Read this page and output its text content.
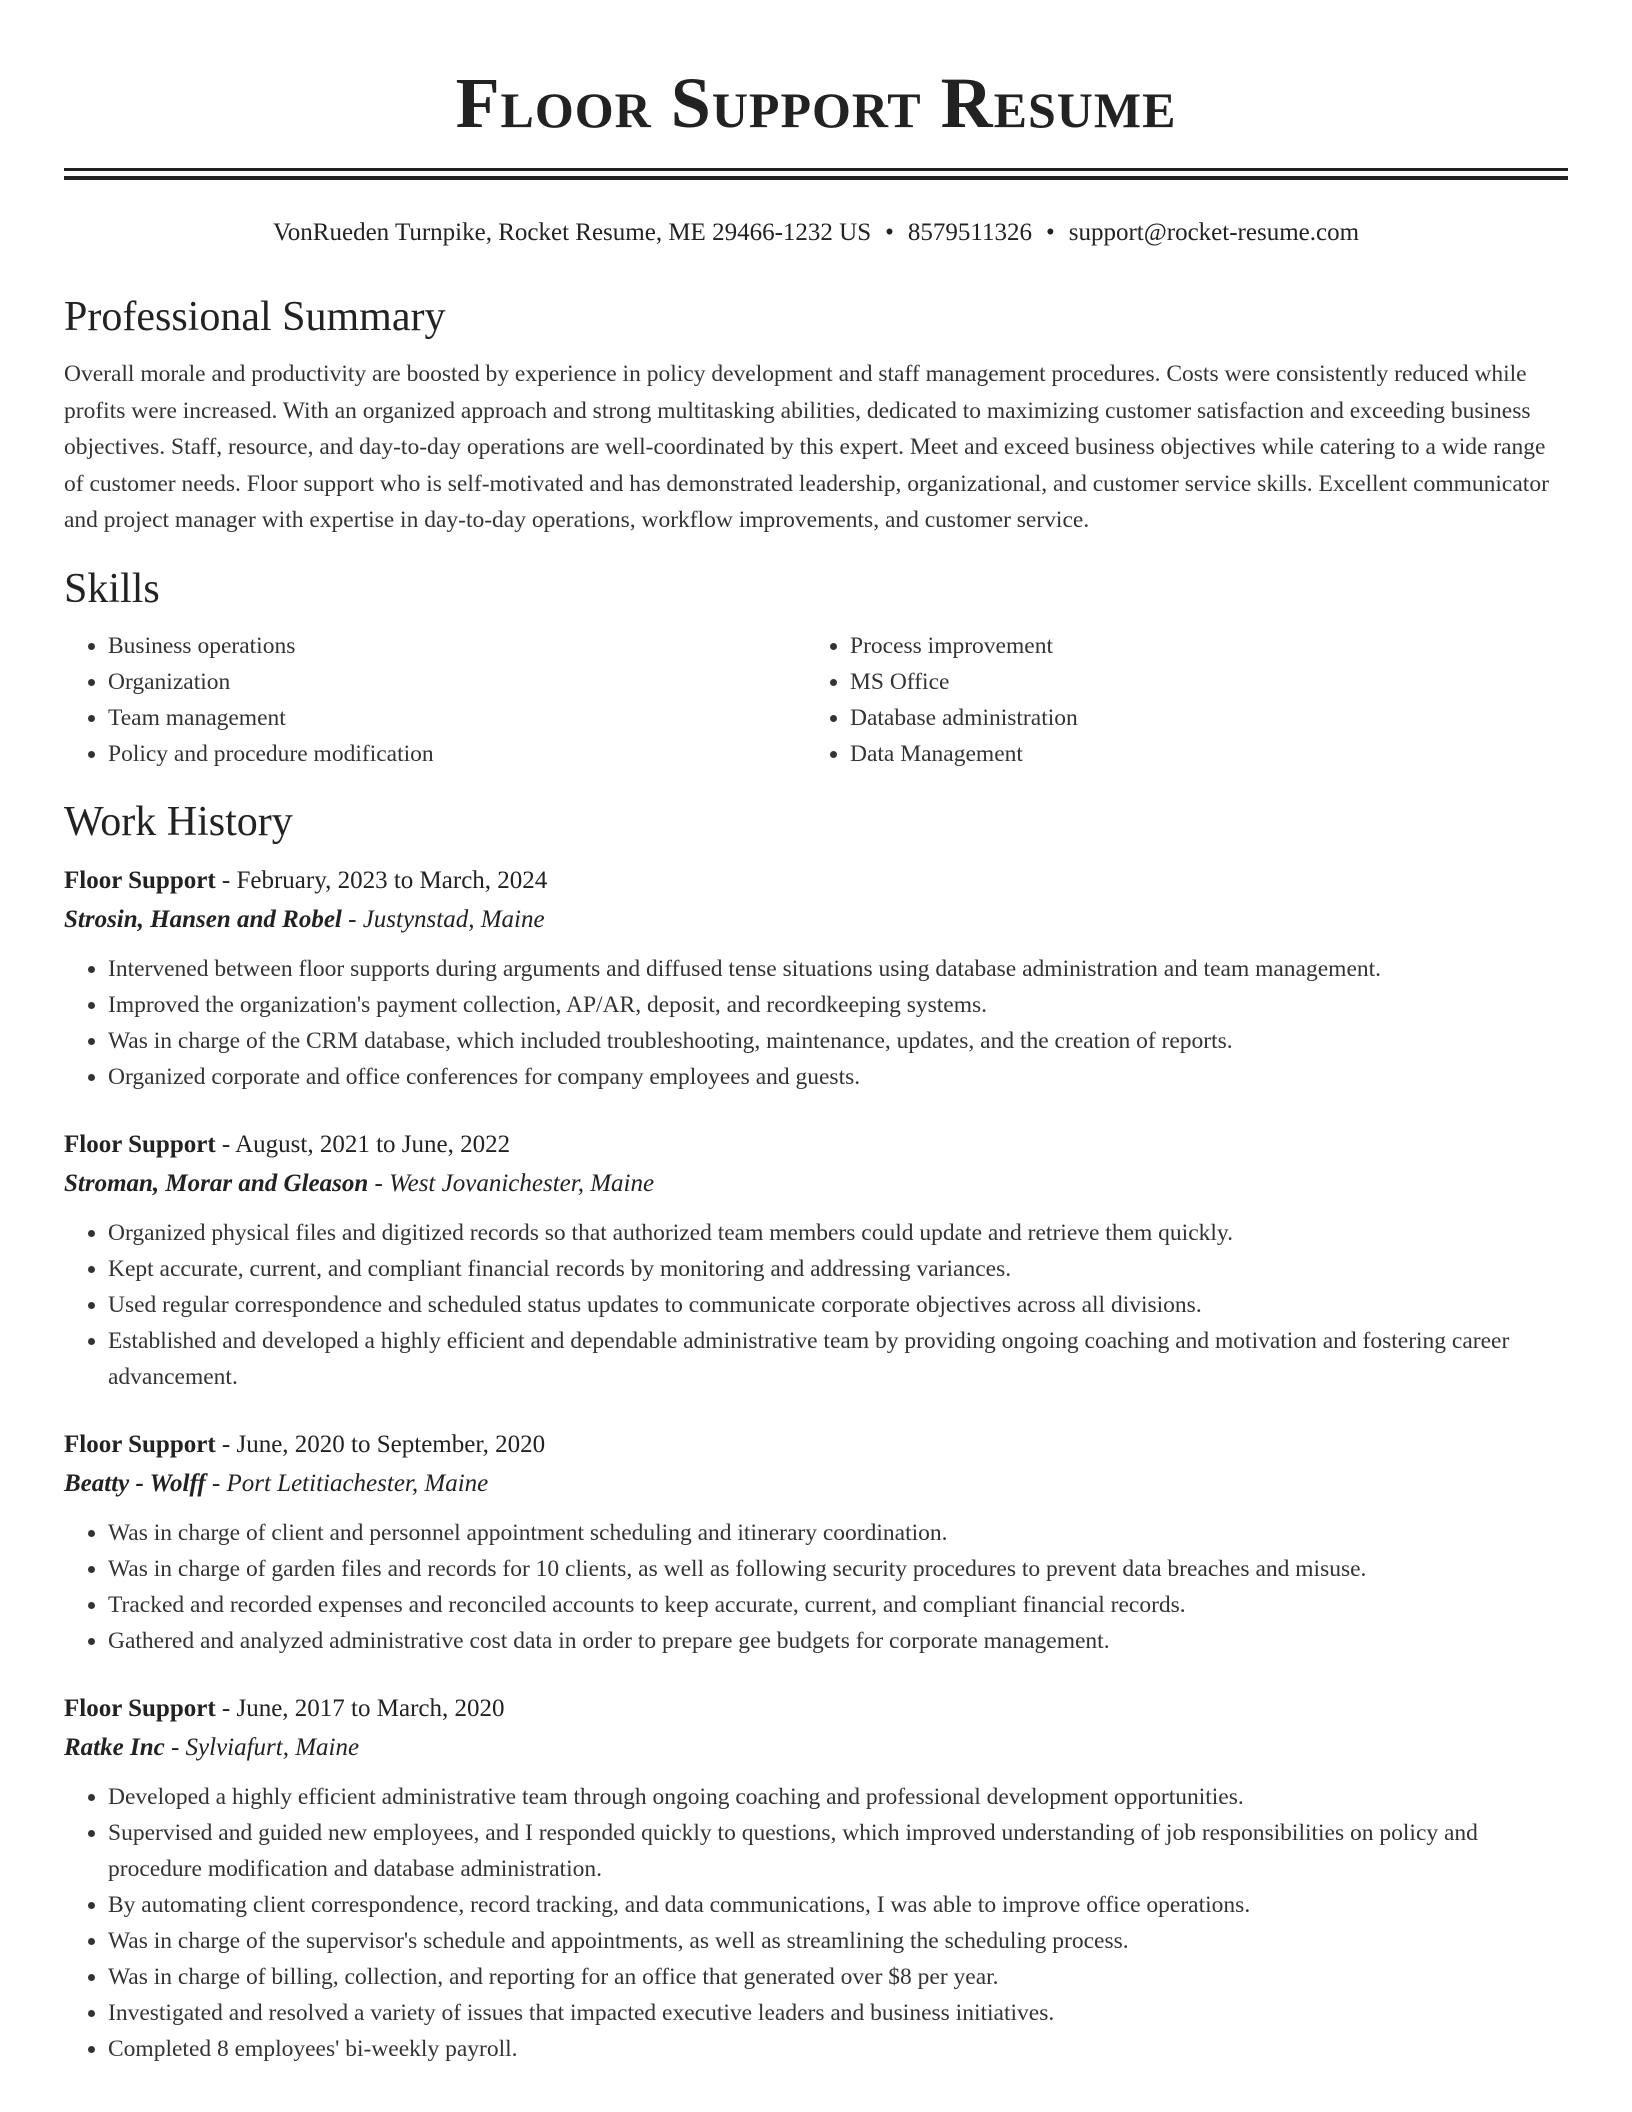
Floor Support Resume
VonRueden Turnpike, Rocket Resume, ME 29466-1232 US • 8579511326 • support@rocket-resume.com
Professional Summary

Overall morale and productivity are boosted by experience in policy development and staff management procedures. Costs were consistently reduced while profits were increased. With an organized approach and strong multitasking abilities, dedicated to maximizing customer satisfaction and exceeding business objectives. Staff, resource, and day-to-day operations are well-coordinated by this expert. Meet and exceed business objectives while catering to a wide range of customer needs. Floor support who is self-motivated and has demonstrated leadership, organizational, and customer service skills. Excellent communicator and project manager with expertise in day-to-day operations, workflow improvements, and customer service.

Skills
• Business operations
• Organization
• Team management
• Policy and procedure modification
• Process improvement
• MS Office
• Database administration
• Data Management
Work History
Floor Support - February, 2023 to March, 2024
Strosin, Hansen and Robel - Justynstad, Maine
• Intervened between floor supports during arguments and diffused tense situations using database administration and team management.
• Improved the organization's payment collection, AP/AR, deposit, and recordkeeping systems.
• Was in charge of the CRM database, which included troubleshooting, maintenance, updates, and the creation of reports.
• Organized corporate and office conferences for company employees and guests.
Floor Support - August, 2021 to June, 2022
Stroman, Morar and Gleason - West Jovanichester, Maine
• Organized physical files and digitized records so that authorized team members could update and retrieve them quickly.
• Kept accurate, current, and compliant financial records by monitoring and addressing variances.
• Used regular correspondence and scheduled status updates to communicate corporate objectives across all divisions.
• Established and developed a highly efficient and dependable administrative team by providing ongoing coaching and motivation and fostering career advancement.
Floor Support - June, 2020 to September, 2020
Beatty - Wolff - Port Letitiachester, Maine
• Was in charge of client and personnel appointment scheduling and itinerary coordination.
• Was in charge of garden files and records for 10 clients, as well as following security procedures to prevent data breaches and misuse.
• Tracked and recorded expenses and reconciled accounts to keep accurate, current, and compliant financial records.
• Gathered and analyzed administrative cost data in order to prepare gee budgets for corporate management.
Floor Support - June, 2017 to March, 2020
Ratke Inc - Sylviafurt, Maine
• Developed a highly efficient administrative team through ongoing coaching and professional development opportunities.
• Supervised and guided new employees, and I responded quickly to questions, which improved understanding of job responsibilities on policy and procedure modification and database administration.
• By automating client correspondence, record tracking, and data communications, I was able to improve office operations.
• Was in charge of the supervisor's schedule and appointments, as well as streamlining the scheduling process.
• Was in charge of billing, collection, and reporting for an office that generated over $8 per year.
• Investigated and resolved a variety of issues that impacted executive leaders and business initiatives.
• Completed 8 employees' bi-weekly payroll.
